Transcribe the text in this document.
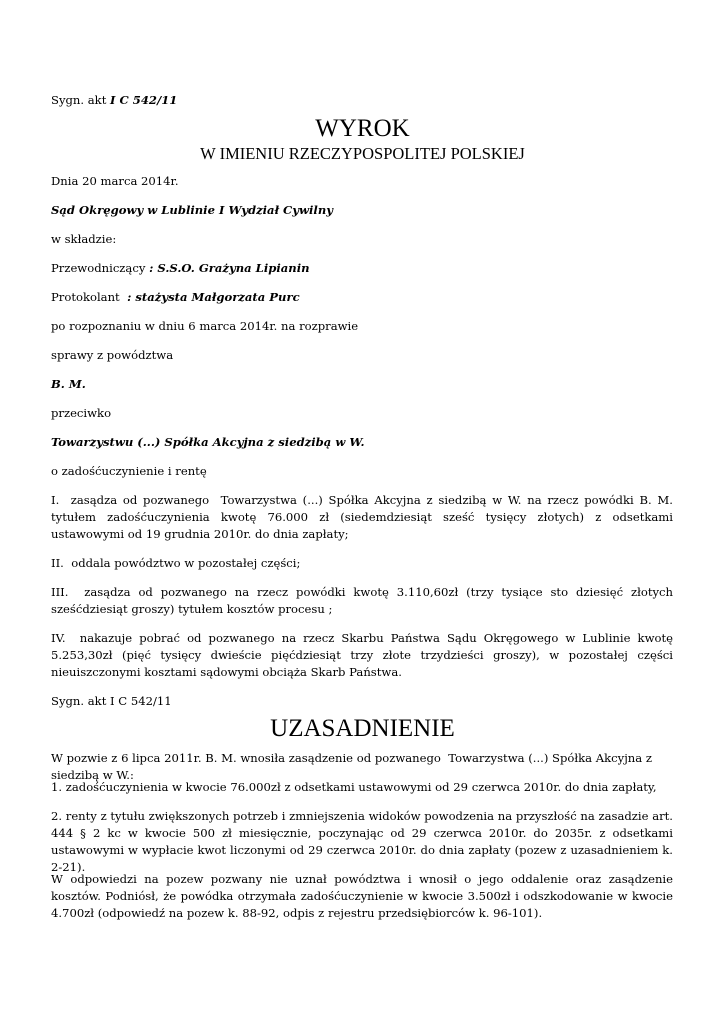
Sygn. akt I C 542/11

WYROK
W IMIENIU RZECZYPOSPOLITEJ POLSKIEJ

Dnia 20 marca 2014r.

Sąd Okręgowy w Lublinie I Wydział Cywilny

w składzie:

Przewodniczący : S.S.O. Grażyna Lipianin

Protokolant  : stażysta Małgorzata Purc

po rozpoznaniu w dniu 6 marca 2014r. na rozprawie

sprawy z powództwa

B. M.

przeciwko

Towarzystwu (...) Spółka Akcyjna z siedzibą w W.

o zadośćuczynienie i rentę

I.  zasądza od pozwanego  Towarzystwa (...) Spółka Akcyjna z siedzibą w W. na rzecz powódki B. M. tytułem zadośćuczynienia kwotę 76.000 zł (siedemdziesiąt sześć tysięcy złotych) z odsetkami ustawowymi od 19 grudnia 2010r. do dnia zapłaty;

II.  oddala powództwo w pozostałej części;

III.  zasądza od pozwanego na rzecz powódki kwotę 3.110,60zł (trzy tysiące sto dziesięć złotych sześćdziesiąt groszy) tytułem kosztów procesu ;

IV.  nakazuje pobrać od pozwanego na rzecz Skarbu Państwa Sądu Okręgowego w Lublinie kwotę 5.253,30zł (pięć tysięcy dwieście pięćdziesiąt trzy złote trzydzieści groszy), w pozostałej części nieuiszczonymi kosztami sądowymi obciąża Skarb Państwa.

Sygn. akt I C 542/11

UZASADNIENIE

W pozwie z 6 lipca 2011r. B. M. wnosiła zasądzenie od pozwanego  Towarzystwa (...) Spółka Akcyjna z siedzibą w W.:

1. zadośćuczynienia w kwocie 76.000zł z odsetkami ustawowymi od 29 czerwca 2010r. do dnia zapłaty,

2. renty z tytułu zwiększonych potrzeb i zmniejszenia widoków powodzenia na przyszłość na zasadzie art. 444 § 2 kc w kwocie 500 zł miesięcznie, poczynając od 29 czerwca 2010r. do 2035r. z odsetkami ustawowymi w wypłacie kwot liczonymi od 29 czerwca 2010r. do dnia zapłaty (pozew z uzasadnieniem k. 2-21).

W odpowiedzi na pozew pozwany nie uznał powództwa i wnosił o jego oddalenie oraz zasądzenie kosztów. Podniósł, że powódka otrzymała zadośćuczynienie w kwocie 3.500zł i odszkodowanie w kwocie 4.700zł (odpowiedź na pozew k. 88-92, odpis z rejestru przedsiębiorców k. 96-101).
